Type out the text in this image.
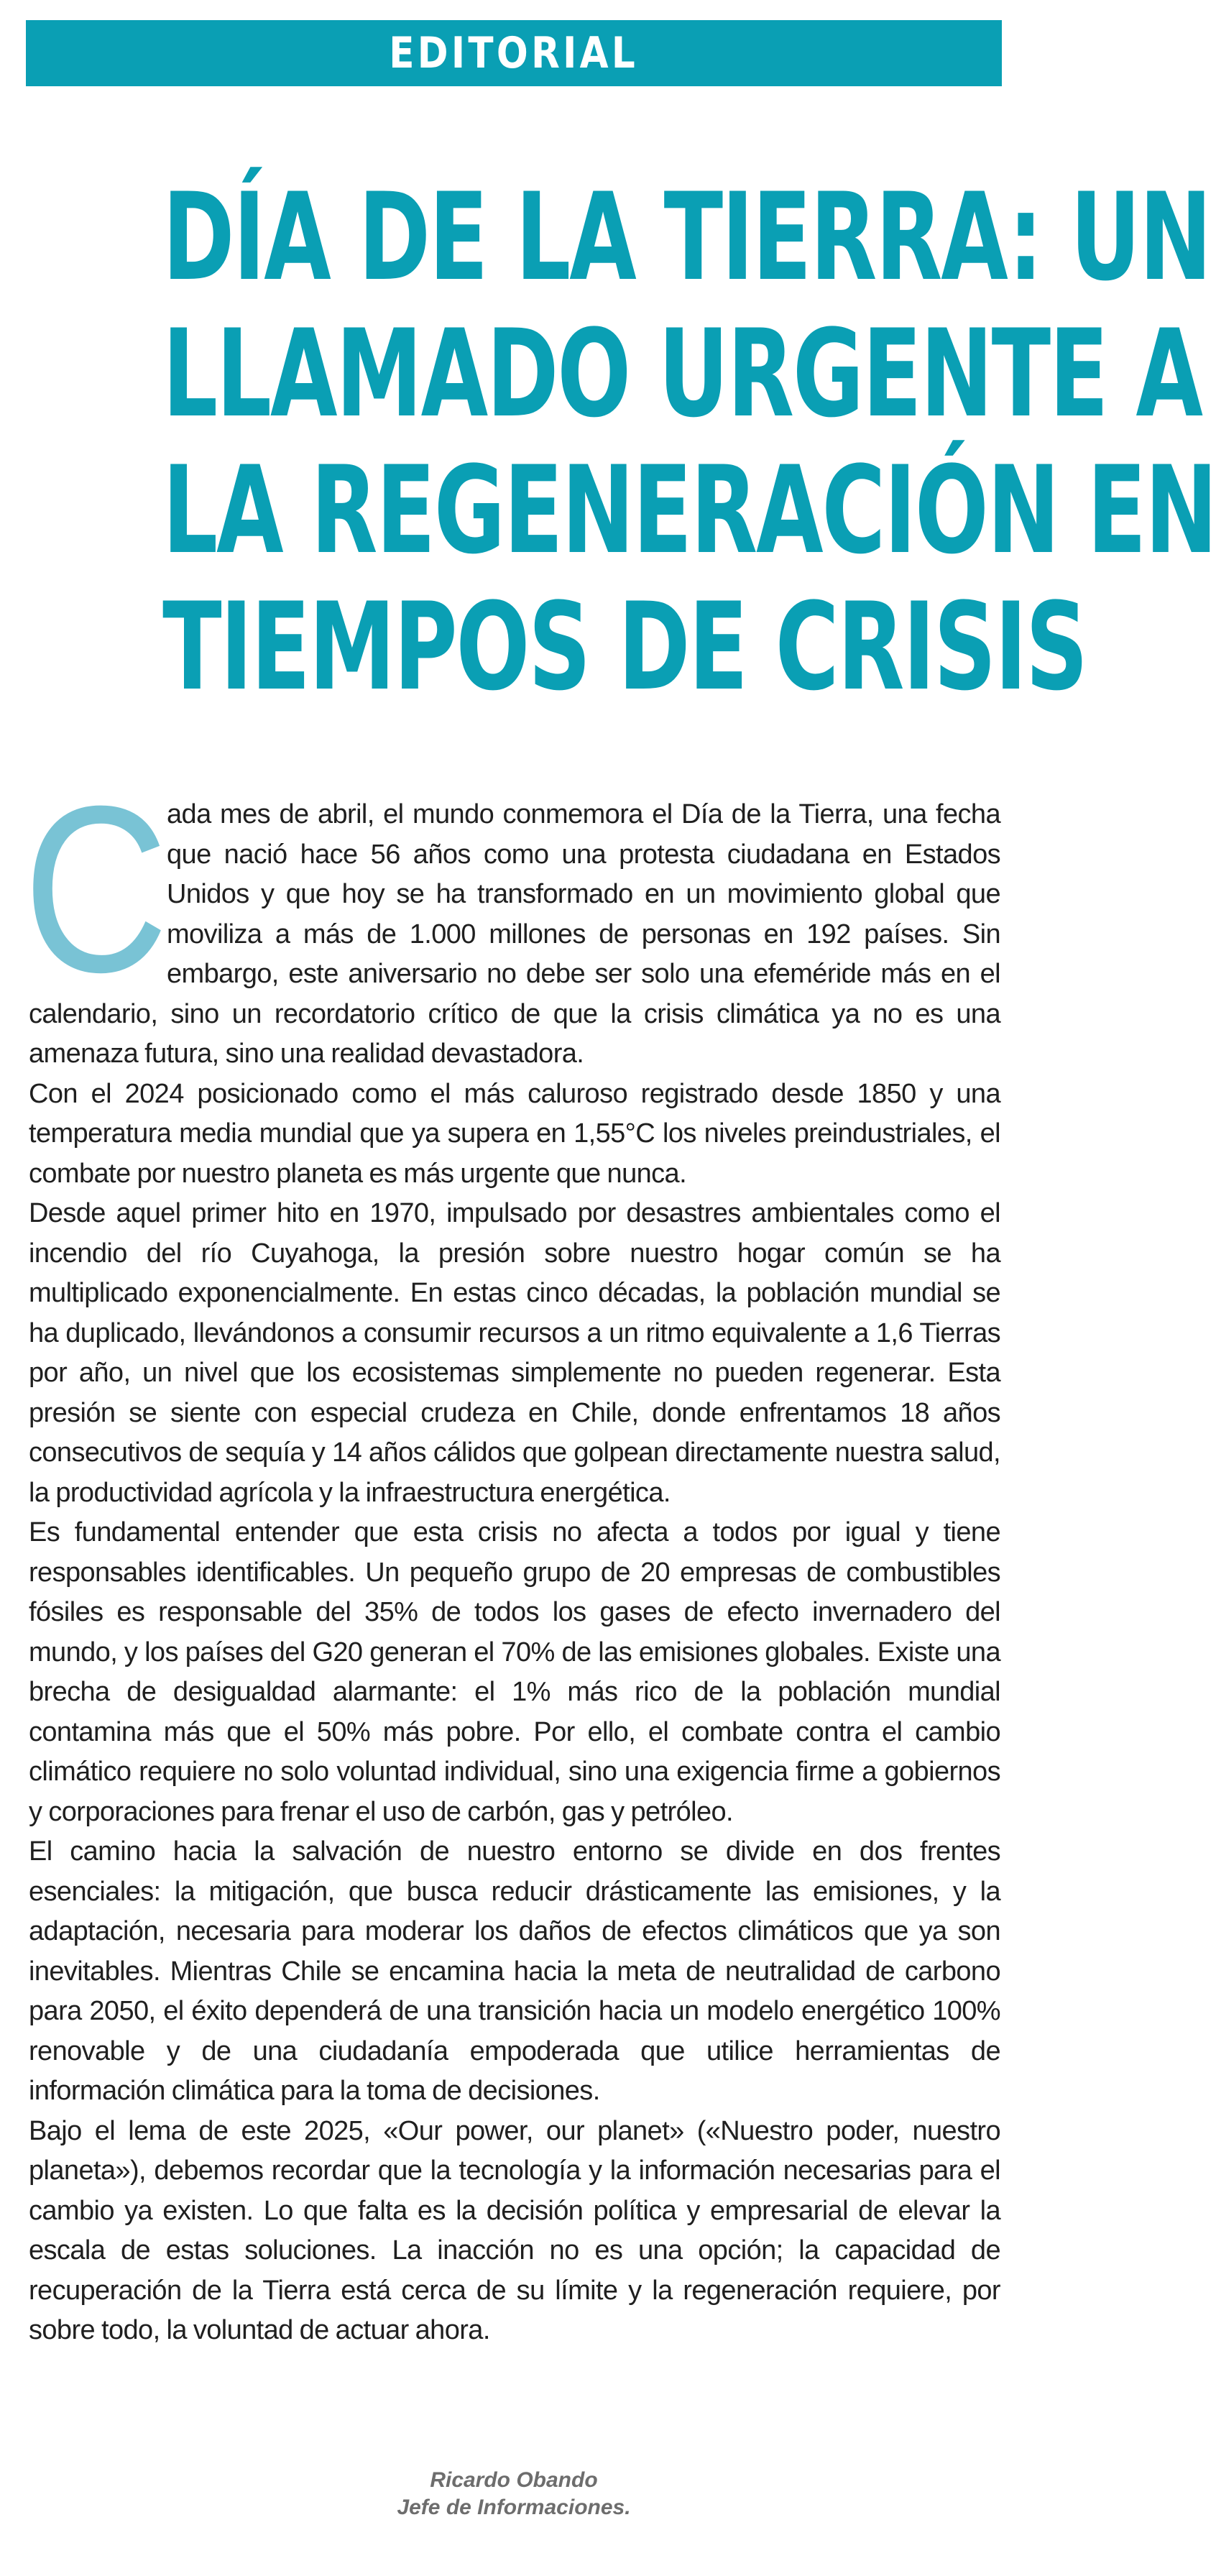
EDITORIAL
DÍA DE LA TIERRA: UN
LLAMADO URGENTE A
LA REGENERACIÓN EN
TIEMPOS DE CRISIS

C
ada mes de abril, el mundo conmemora el Día de la Tierra, una fecha que nació hace 56 años como una protesta ciudadana en Estados Unidos y que hoy se ha transformado en un movimiento global que moviliza a más de 1.000 millones de personas en 192 países. Sin embargo, este aniversario no debe ser solo una efeméride más en el calendario, sino un recordatorio crítico de que la crisis climática ya no es una amenaza futura, sino una realidad devastadora.

Con el 2024 posicionado como el más caluroso registrado desde 1850 y una temperatura media mundial que ya supera en 1,55°C los niveles preindustriales, el combate por nuestro planeta es más urgente que nunca.

Desde aquel primer hito en 1970, impulsado por desastres ambientales como el incendio del río Cuyahoga, la presión sobre nuestro hogar común se ha multiplicado exponencialmente. En estas cinco décadas, la población mundial se ha duplicado, llevándonos a consumir recursos a un ritmo equivalente a 1,6 Tierras por año, un nivel que los ecosistemas simplemente no pueden regenerar. Esta presión se siente con especial crudeza en Chile, donde enfrentamos 18 años consecutivos de sequía y 14 años cálidos que golpean directamente nuestra salud, la productividad agrícola y la infraestructura energética.

Es fundamental entender que esta crisis no afecta a todos por igual y tiene responsables identificables. Un pequeño grupo de 20 empresas de combustibles fósiles es responsable del 35% de todos los gases de efecto invernadero del mundo, y los países del G20 generan el 70% de las emisiones globales. Existe una brecha de desigualdad alarmante: el 1% más rico de la población mundial contamina más que el 50% más pobre. Por ello, el combate contra el cambio climático requiere no solo voluntad individual, sino una exigencia firme a gobiernos y corporaciones para frenar el uso de carbón, gas y petróleo.

El camino hacia la salvación de nuestro entorno se divide en dos frentes esenciales: la mitigación, que busca reducir drásticamente las emisiones, y la adaptación, necesaria para moderar los daños de efectos climáticos que ya son inevitables. Mientras Chile se encamina hacia la meta de neutralidad de carbono para 2050, el éxito dependerá de una transición hacia un modelo energético 100% renovable y de una ciudadanía empoderada que utilice herramientas de información climática para la toma de decisiones.

Bajo el lema de este 2025, «Our power, our planet» («Nuestro poder, nuestro planeta»), debemos recordar que la tecnología y la información necesarias para el cambio ya existen. Lo que falta es la decisión política y empresarial de elevar la escala de estas soluciones. La inacción no es una opción; la capacidad de recuperación de la Tierra está cerca de su límite y la regeneración requiere, por sobre todo, la voluntad de actuar ahora.

Ricardo Obando
Jefe de Informaciones.
